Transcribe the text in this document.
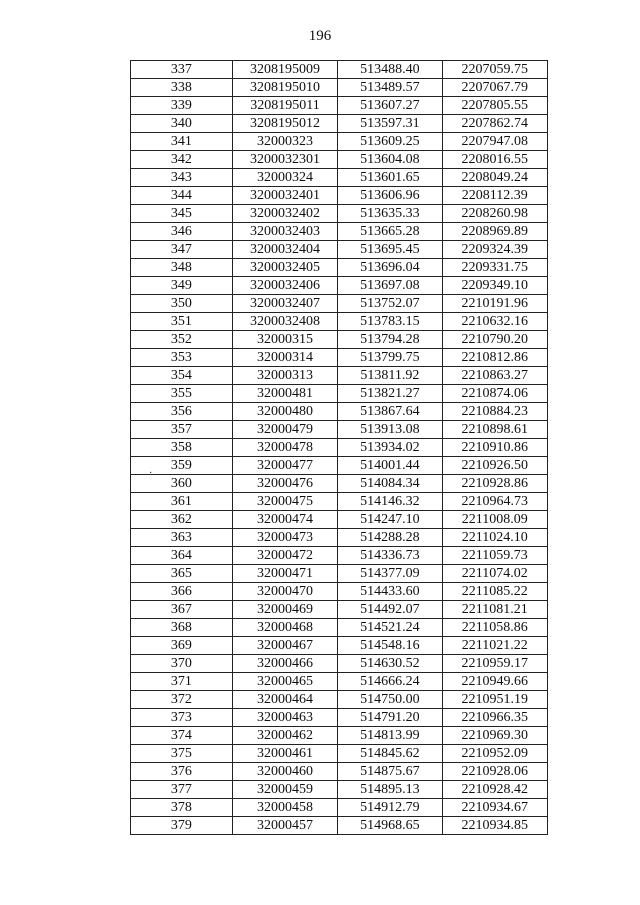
196
·
337	3208195009	513488.40	2207059.75
338	3208195010	513489.57	2207067.79
339	3208195011	513607.27	2207805.55
340	3208195012	513597.31	2207862.74
341	32000323	513609.25	2207947.08
342	3200032301	513604.08	2208016.55
343	32000324	513601.65	2208049.24
344	3200032401	513606.96	2208112.39
345	3200032402	513635.33	2208260.98
346	3200032403	513665.28	2208969.89
347	3200032404	513695.45	2209324.39
348	3200032405	513696.04	2209331.75
349	3200032406	513697.08	2209349.10
350	3200032407	513752.07	2210191.96
351	3200032408	513783.15	2210632.16
352	32000315	513794.28	2210790.20
353	32000314	513799.75	2210812.86
354	32000313	513811.92	2210863.27
355	32000481	513821.27	2210874.06
356	32000480	513867.64	2210884.23
357	32000479	513913.08	2210898.61
358	32000478	513934.02	2210910.86
359	32000477	514001.44	2210926.50
360	32000476	514084.34	2210928.86
361	32000475	514146.32	2210964.73
362	32000474	514247.10	2211008.09
363	32000473	514288.28	2211024.10
364	32000472	514336.73	2211059.73
365	32000471	514377.09	2211074.02
366	32000470	514433.60	2211085.22
367	32000469	514492.07	2211081.21
368	32000468	514521.24	2211058.86
369	32000467	514548.16	2211021.22
370	32000466	514630.52	2210959.17
371	32000465	514666.24	2210949.66
372	32000464	514750.00	2210951.19
373	32000463	514791.20	2210966.35
374	32000462	514813.99	2210969.30
375	32000461	514845.62	2210952.09
376	32000460	514875.67	2210928.06
377	32000459	514895.13	2210928.42
378	32000458	514912.79	2210934.67
379	32000457	514968.65	2210934.85
